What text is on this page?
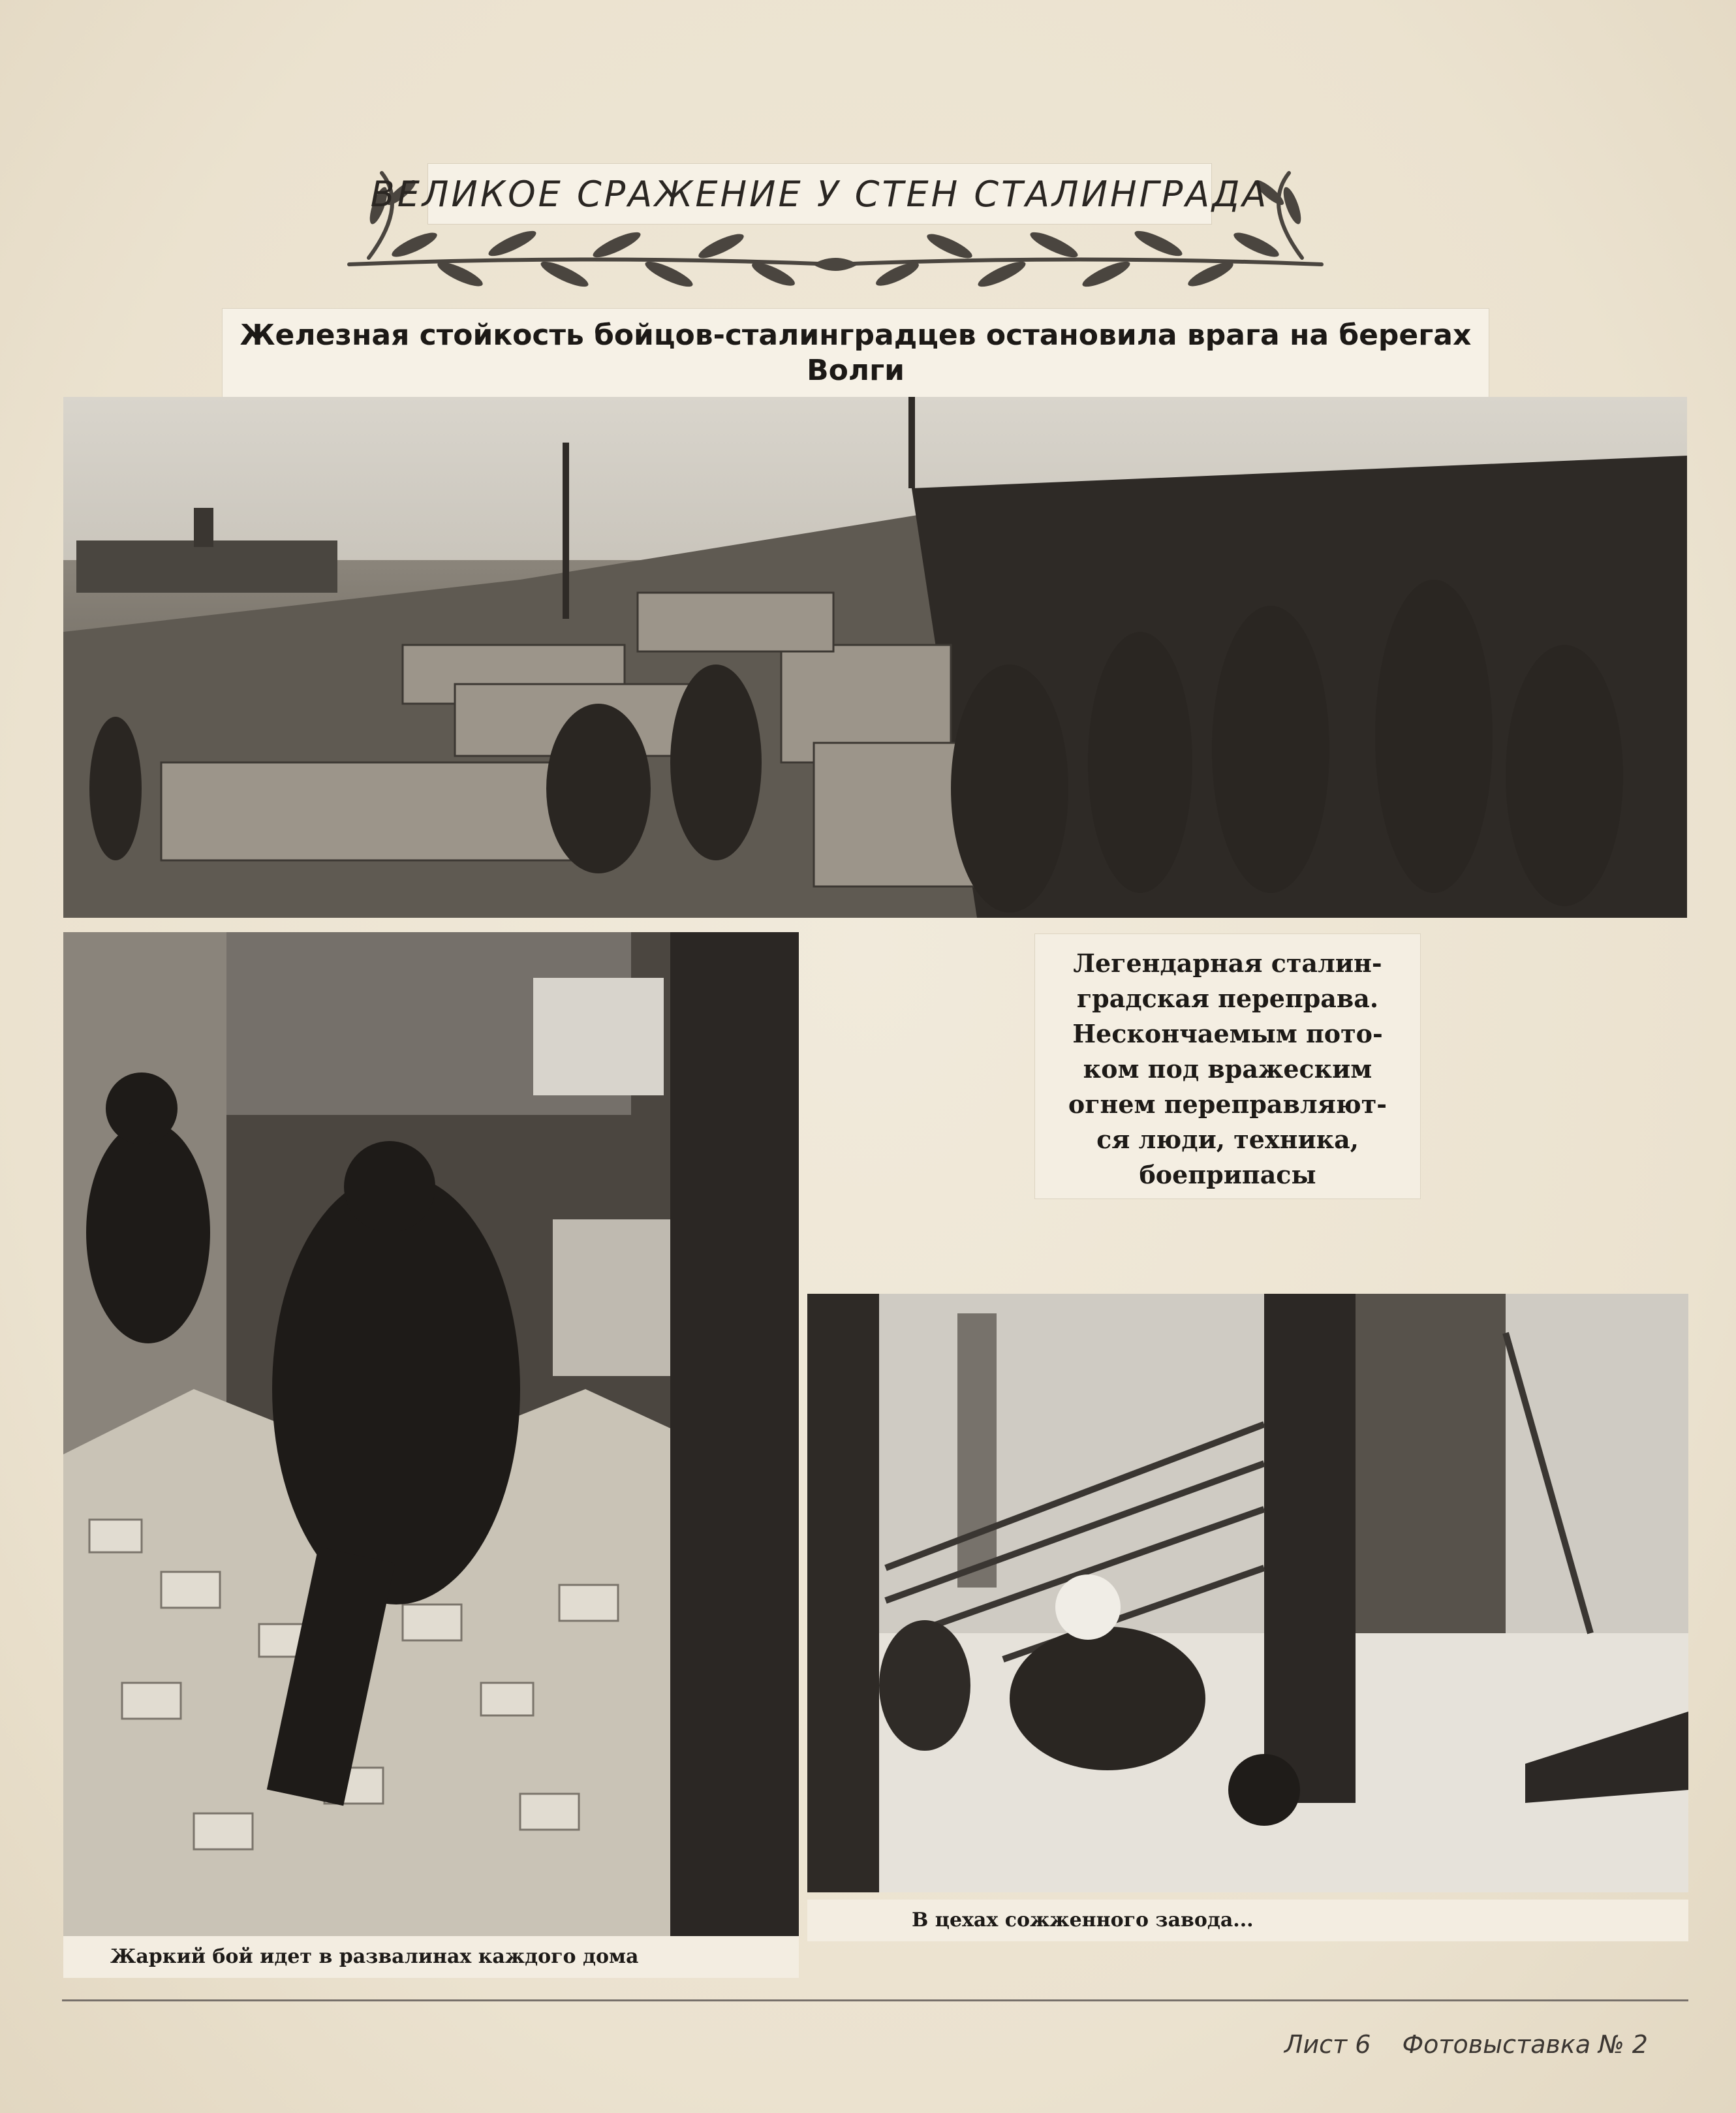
ВЕЛИКОЕ СРАЖЕНИЕ У СТЕН СТАЛИНГРАДА
Железная стойкость бойцов-сталинградцев остановила врага на берегах
Волги
Легендарная сталин-
градская переправа.
Нескончаемым пото-
ком под вражеским
огнем переправляют-
ся люди, техника,
боеприпасы
Жаркий бой идет в развалинах каждого дома
В цехах сожженного завода...
Лист 6 Фотовыставка № 2
